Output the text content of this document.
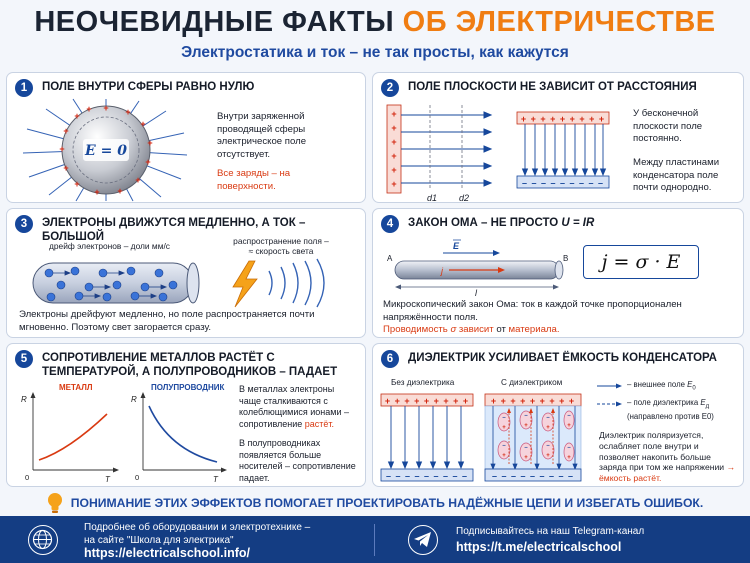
НЕОЧЕВИДНЫЕ ФАКТЫ ОБ ЭЛЕКТРИЧЕСТВЕ
Электростатика и ток – не так просты, как кажутся
1	ПОЛЕ ВНУТРИ СФЕРЫ РАВНО НУЛЮ
+ +
+
+
+
+
+
+
+
+
+
+
+
+
E = 0
Внутри заряженной проводящей сферы электрическое поле отсутствует.
Все заряды – на поверхности.
2	ПОЛЕ ПЛОСКОСТИ НЕ ЗАВИСИТ ОТ РАССТОЯНИЯ
+
+
+
+
+
+
d1 d2
+ + + + + + + + +
– – – – – – – – –
У бесконечной плоскости поле постоянно.
Между пластинами конденсатора поле почти однородно.
3	ЭЛЕКТРОНЫ ДВИЖУТСЯ МЕДЛЕННО, А ТОК – БОЛЬШОЙ
дрейф электронов – доли мм/с	распространение поля –
≈ скорость света
Электроны дрейфуют медленно, но поле распространяется почти мгновенно. Поэтому свет загорается сразу.
4	ЗАКОН ОМА – НЕ ПРОСТО U = IR
A	B
E
j
l
j = σ · E
Микроскопический закон Ома: ток в каждой точке пропорционален напряжённости поля.
Проводимость σ зависит от материала.
5	СОПРОТИВЛЕНИЕ МЕТАЛЛОВ РАСТЁТ С ТЕМПЕРАТУРОЙ, А ПОЛУПРОВОДНИКОВ – ПАДАЕТ
МЕТАЛЛ	ПОЛУПРОВОДНИК
R
T
0
R
T
0
В металлах электроны чаще сталкиваются с колеблющимися ионами – сопротивление растёт.
В полупроводниках появляется больше носителей – сопротивление падает.
6	ДИЭЛЕКТРИК УСИЛИВАЕТ ЁМКОСТЬ КОНДЕНСАТОРА
Без диэлектрика	С диэлектриком
+ + + + + + + + +
– – – – – – – – –
+ + + + + + + + +
–
+
–
+
–
+
–
+
–
+
–
+
–
+
–
+
– – – – – – – – –
– внешнее поле $E_0$
– поле диэлектрика $E_д$
(направлено против E0)
Диэлектрик поляризуется, ослабляет поле внутри и позволяет накопить больше заряда при том же напряжении → ёмкость растёт.
ПОНИМАНИЕ ЭТИХ ЭФФЕКТОВ ПОМОГАЕТ ПРОЕКТИРОВАТЬ НАДЁЖНЫЕ ЦЕПИ И ИЗБЕГАТЬ ОШИБОК.
Подробнее об оборудовании и электротехнике –
на сайте "Школа для электрика"
https://electricalschool.info/
Подписывайтесь на наш Telegram-канал
https://t.me/electricalschool
